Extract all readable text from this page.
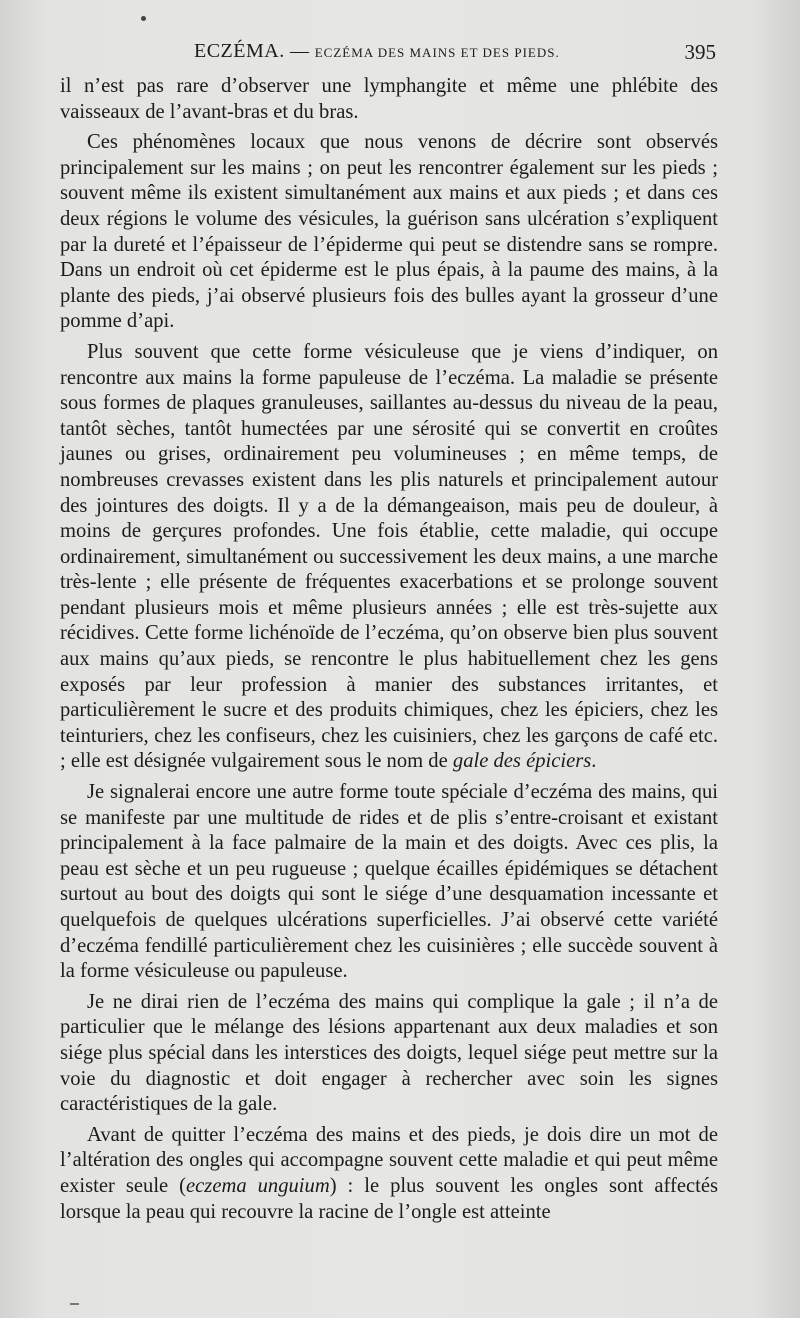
ECZÉMA. — ECZÉMA DES MAINS ET DES PIEDS.	395

il n’est pas rare d’observer une lymphangite et même une phlébite des vaisseaux de l’avant-bras et du bras.

Ces phénomènes locaux que nous venons de décrire sont observés principalement sur les mains ; on peut les rencontrer également sur les pieds ; souvent même ils existent simultanément aux mains et aux pieds ; et dans ces deux régions le volume des vésicules, la guérison sans ulcération s’expliquent par la dureté et l’épaisseur de l’épiderme qui peut se distendre sans se rompre. Dans un endroit où cet épiderme est le plus épais, à la paume des mains, à la plante des pieds, j’ai observé plusieurs fois des bulles ayant la grosseur d’une pomme d’api.

Plus souvent que cette forme vésiculeuse que je viens d’indiquer, on rencontre aux mains la forme papuleuse de l’eczéma. La maladie se présente sous formes de plaques granuleuses, saillantes au-dessus du niveau de la peau, tantôt sèches, tantôt humectées par une sérosité qui se convertit en croûtes jaunes ou grises, ordinairement peu volumineuses ; en même temps, de nombreuses crevasses existent dans les plis naturels et principalement autour des jointures des doigts. Il y a de la démangeaison, mais peu de douleur, à moins de gerçures profondes. Une fois établie, cette maladie, qui occupe ordinairement, simultanément ou successivement les deux mains, a une marche très-lente ; elle présente de fréquentes exacerbations et se prolonge souvent pendant plusieurs mois et même plusieurs années ; elle est très-sujette aux récidives. Cette forme lichénoïde de l’eczéma, qu’on observe bien plus souvent aux mains qu’aux pieds, se rencontre le plus habituellement chez les gens exposés par leur profession à manier des substances irritantes, et particulièrement le sucre et des produits chimiques, chez les épiciers, chez les teinturiers, chez les confiseurs, chez les cuisiniers, chez les garçons de café etc. ; elle est désignée vulgairement sous le nom de gale des épiciers.

Je signalerai encore une autre forme toute spéciale d’eczéma des mains, qui se manifeste par une multitude de rides et de plis s’entre-croisant et existant principalement à la face palmaire de la main et des doigts. Avec ces plis, la peau est sèche et un peu rugueuse ; quelque écailles épidémiques se détachent surtout au bout des doigts qui sont le siége d’une desquamation incessante et quelquefois de quelques ulcérations superficielles. J’ai observé cette variété d’eczéma fendillé particulièrement chez les cuisinières ; elle succède souvent à la forme vésiculeuse ou papuleuse.

Je ne dirai rien de l’eczéma des mains qui complique la gale ; il n’a de particulier que le mélange des lésions appartenant aux deux maladies et son siége plus spécial dans les interstices des doigts, lequel siége peut mettre sur la voie du diagnostic et doit engager à rechercher avec soin les signes caractéristiques de la gale.

Avant de quitter l’eczéma des mains et des pieds, je dois dire un mot de l’altération des ongles qui accompagne souvent cette maladie et qui peut même exister seule (eczema unguium) : le plus souvent les ongles sont affectés lorsque la peau qui recouvre la racine de l’ongle est atteinte
